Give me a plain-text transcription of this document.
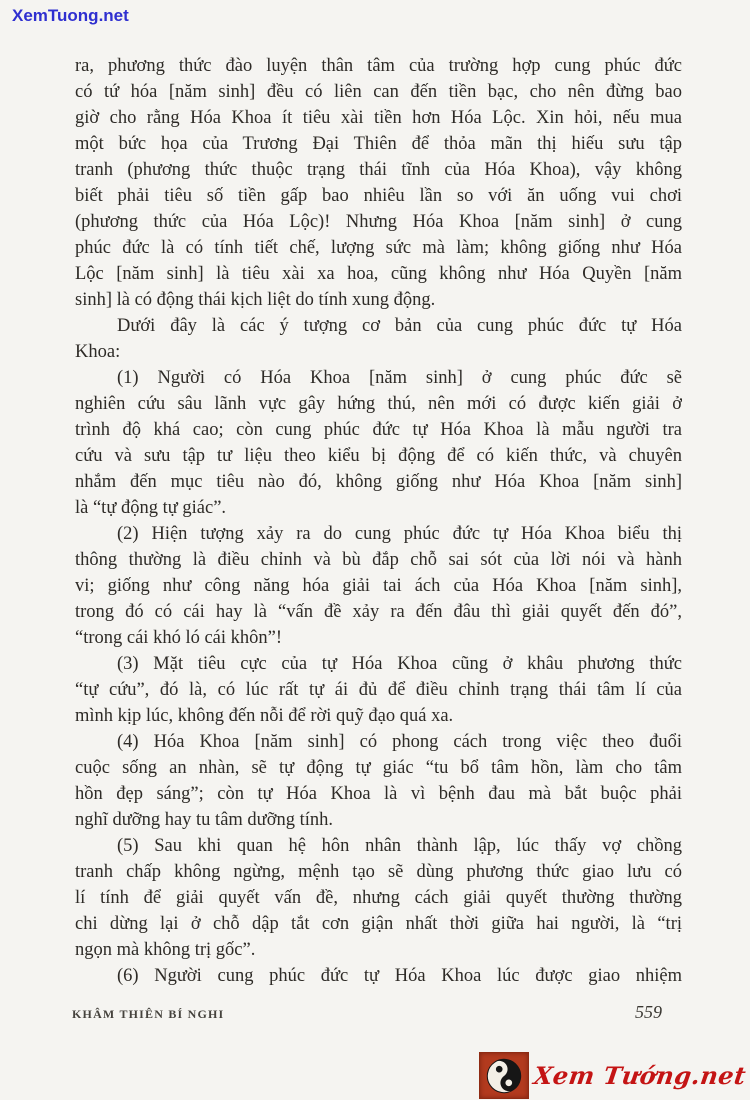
XemTuong.net

ra, phương thức đào luyện thân tâm của trường hợp cung phúc đức
có tứ hóa [năm sinh] đều có liên can đến tiền bạc, cho nên đừng bao
giờ cho rằng Hóa Khoa ít tiêu xài tiền hơn Hóa Lộc. Xin hỏi, nếu mua
một bức họa của Trương Đại Thiên để thỏa mãn thị hiếu sưu tập
tranh (phương thức thuộc trạng thái tĩnh của Hóa Khoa), vậy không
biết phải tiêu số tiền gấp bao nhiêu lần so với ăn uống vui chơi
(phương thức của Hóa Lộc)! Nhưng Hóa Khoa [năm sinh] ở cung
phúc đức là có tính tiết chế, lượng sức mà làm; không giống như Hóa
Lộc [năm sinh] là tiêu xài xa hoa, cũng không như Hóa Quyền [năm
sinh] là có động thái kịch liệt do tính xung động.

Dưới đây là các ý tượng cơ bản của cung phúc đức tự Hóa
Khoa:

(1) Người có Hóa Khoa [năm sinh] ở cung phúc đức sẽ
nghiên cứu sâu lãnh vực gây hứng thú, nên mới có được kiến giải ở
trình độ khá cao; còn cung phúc đức tự Hóa Khoa là mẫu người tra
cứu và sưu tập tư liệu theo kiểu bị động để có kiến thức, và chuyên
nhắm đến mục tiêu nào đó, không giống như Hóa Khoa [năm sinh]
là “tự động tự giác”.

(2) Hiện tượng xảy ra do cung phúc đức tự Hóa Khoa biểu thị
thông thường là điều chỉnh và bù đắp chỗ sai sót của lời nói và hành
vi; giống như công năng hóa giải tai ách của Hóa Khoa [năm sinh],
trong đó có cái hay là “vấn đề xảy ra đến đâu thì giải quyết đến đó”,
“trong cái khó ló cái khôn”!

(3) Mặt tiêu cực của tự Hóa Khoa cũng ở khâu phương thức
“tự cứu”, đó là, có lúc rất tự ái đủ để điều chỉnh trạng thái tâm lí của
mình kịp lúc, không đến nỗi để rời quỹ đạo quá xa.

(4) Hóa Khoa [năm sinh] có phong cách trong việc theo đuổi
cuộc sống an nhàn, sẽ tự động tự giác “tu bổ tâm hồn, làm cho tâm
hồn đẹp sáng”; còn tự Hóa Khoa là vì bệnh đau mà bắt buộc phải
nghĩ dưỡng hay tu tâm dưỡng tính.

(5) Sau khi quan hệ hôn nhân thành lập, lúc thấy vợ chồng
tranh chấp không ngừng, mệnh tạo sẽ dùng phương thức giao lưu có
lí tính để giải quyết vấn đề, nhưng cách giải quyết thường thường
chi dừng lại ở chỗ dập tắt cơn giận nhất thời giữa hai người, là “trị
ngọn mà không trị gốc”.

(6) Người cung phúc đức tự Hóa Khoa lúc được giao nhiệm

KHÂM THIÊN BÍ NGHI	559
Xem Tướng.net
